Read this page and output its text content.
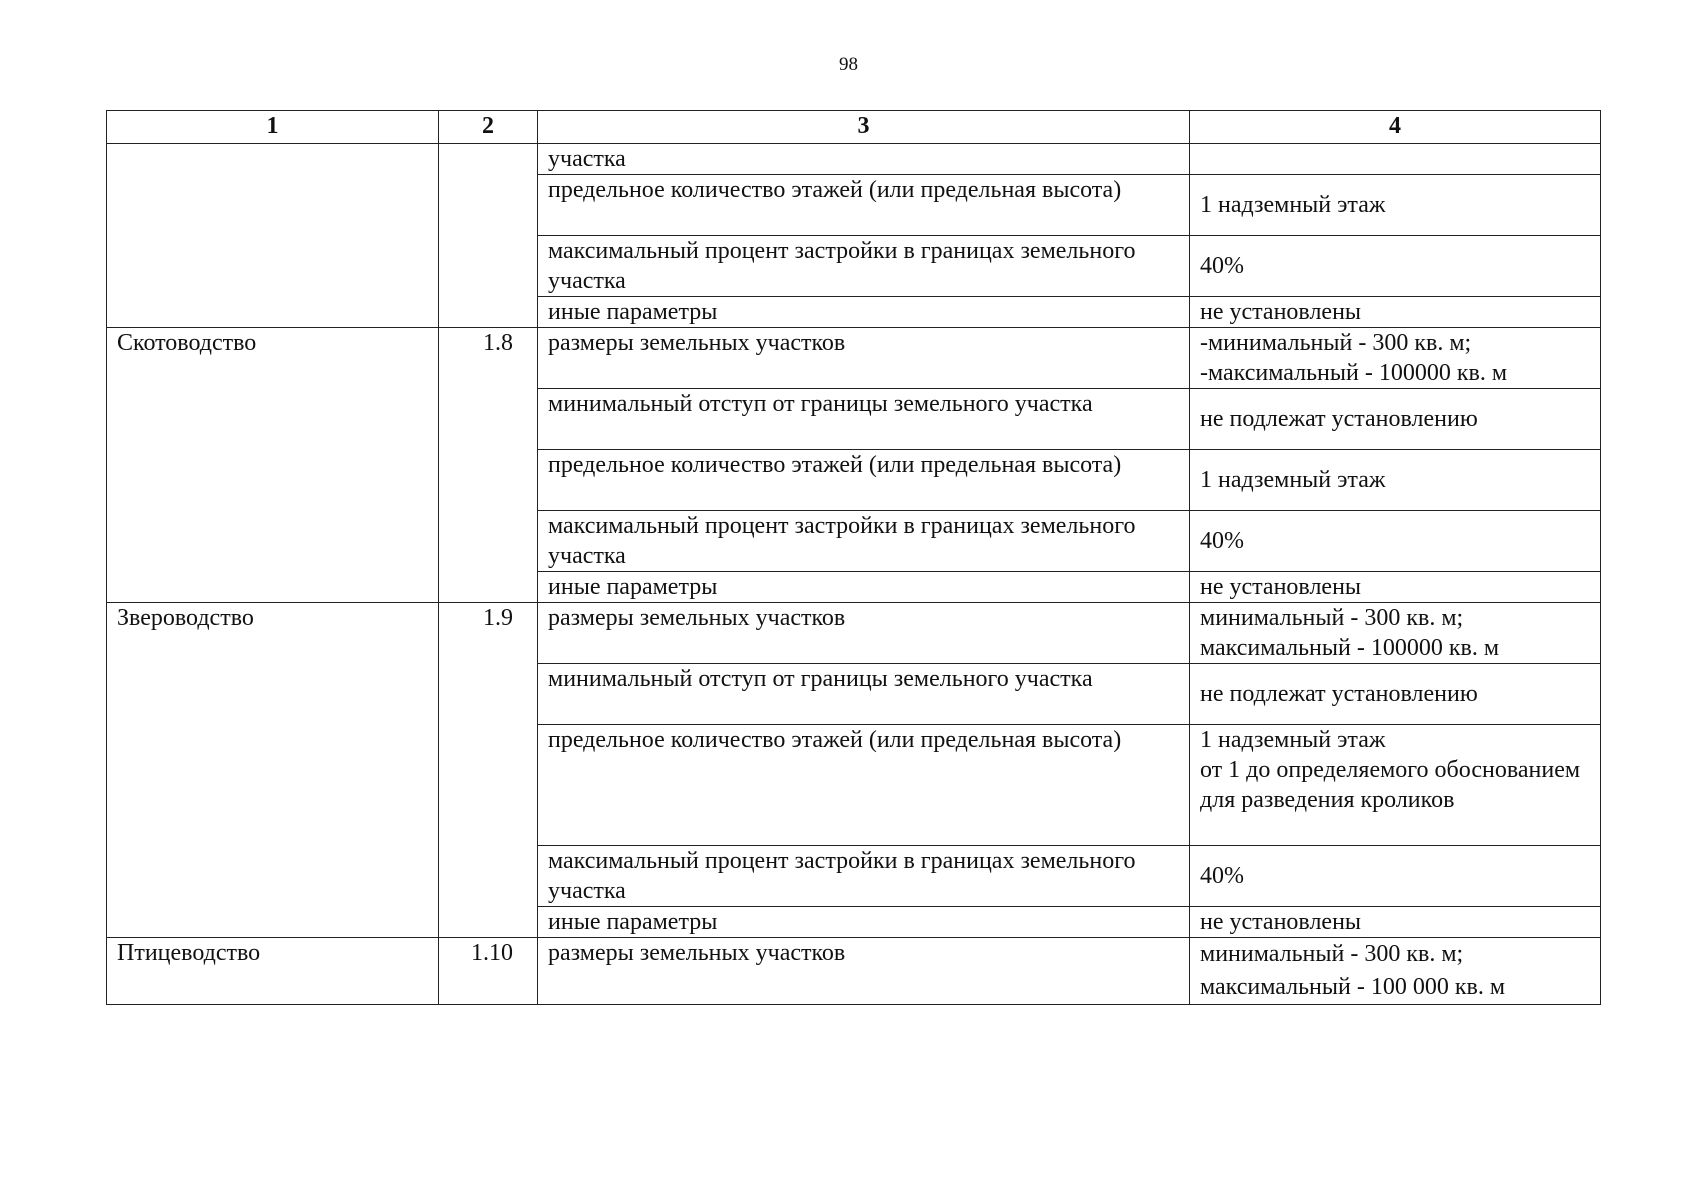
98
1	2	3	4
		участка	
		предельное количество этажей (или предельная высота)	1 надземный этаж
		максимальный процент застройки в границах земельного участка	40%
		иные параметры	не установлены
Скотоводство	1.8	размеры земельных участков	-минимальный - 300 кв. м;
-максимальный - 100000 кв. м

		минимальный отступ от границы земельного участка	не подлежат установлению
		предельное количество этажей (или предельная высота)	1 надземный этаж
		максимальный процент застройки в границах земельного участка	40%
		иные параметры	не установлены
Звероводство	1.9	размеры земельных участков	минимальный - 300 кв. м;
максимальный - 100000 кв. м

		минимальный отступ от границы земельного участка	не подлежат установлению
		предельное количество этажей (или предельная высота)	1 надземный этаж
от 1 до определяемого обоснованием для разведения кроликов

		максимальный процент застройки в границах земельного участка	40%
		иные параметры	не установлены
Птицеводство	1.10	размеры земельных участков	минимальный - 300 кв. м;
максимальный - 100 000 кв. м
